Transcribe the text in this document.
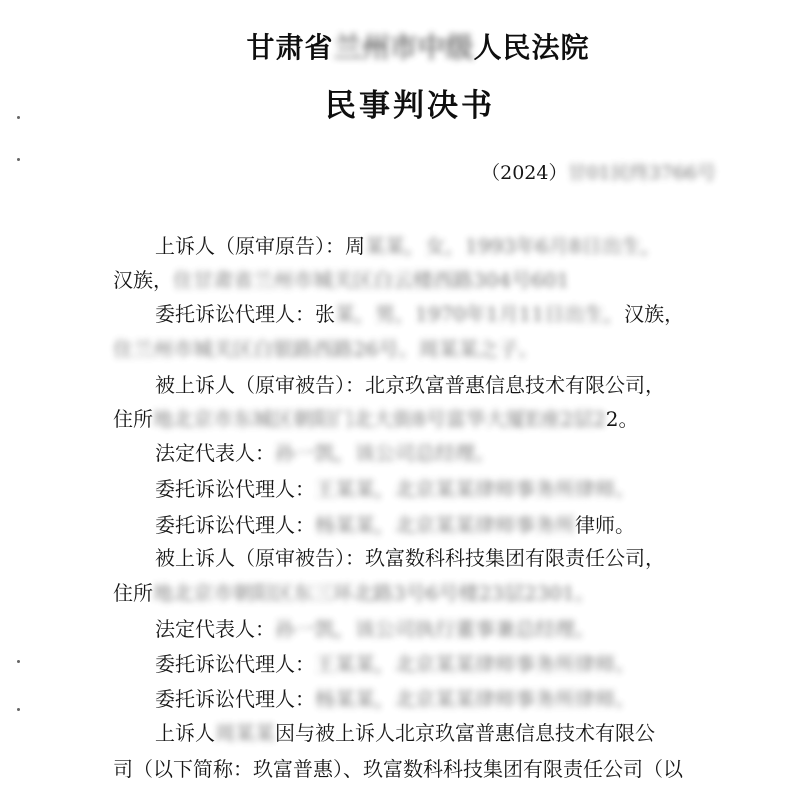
甘肃省兰州市中级人民法院
民事判决书
（2024）甘01民终3766号
上诉人（原审原告）：周某某，女，1993年6月8日出生，
汉族，住甘肃省兰州市城关区白云楼西路304号601
委托诉讼代理人：张某，男，1970年1月11日出生，汉族，
住兰州市城关区白银路西路26号。周某某之子。
被上诉人（原审被告）：北京玖富普惠信息技术有限公司，
住所地北京市东城区朝阳门北大街8号富华大厦E座2层22。
法定代表人：孙一凯，该公司总经理。
委托诉讼代理人：王某某，北京某某律师事务所律师。
委托诉讼代理人：杨某某，北京某某律师事务所律师。
被上诉人（原审被告）：玖富数科科技集团有限责任公司，
住所地北京市朝阳区东三环北路3号6号楼23层2301。
法定代表人：孙一凯，该公司执行董事兼总经理。
委托诉讼代理人：王某某，北京某某律师事务所律师。
委托诉讼代理人：杨某某，北京某某律师事务所律师。
上诉人周某某因与被上诉人北京玖富普惠信息技术有限公
司（以下简称：玖富普惠）、玖富数科科技集团有限责任公司（以
